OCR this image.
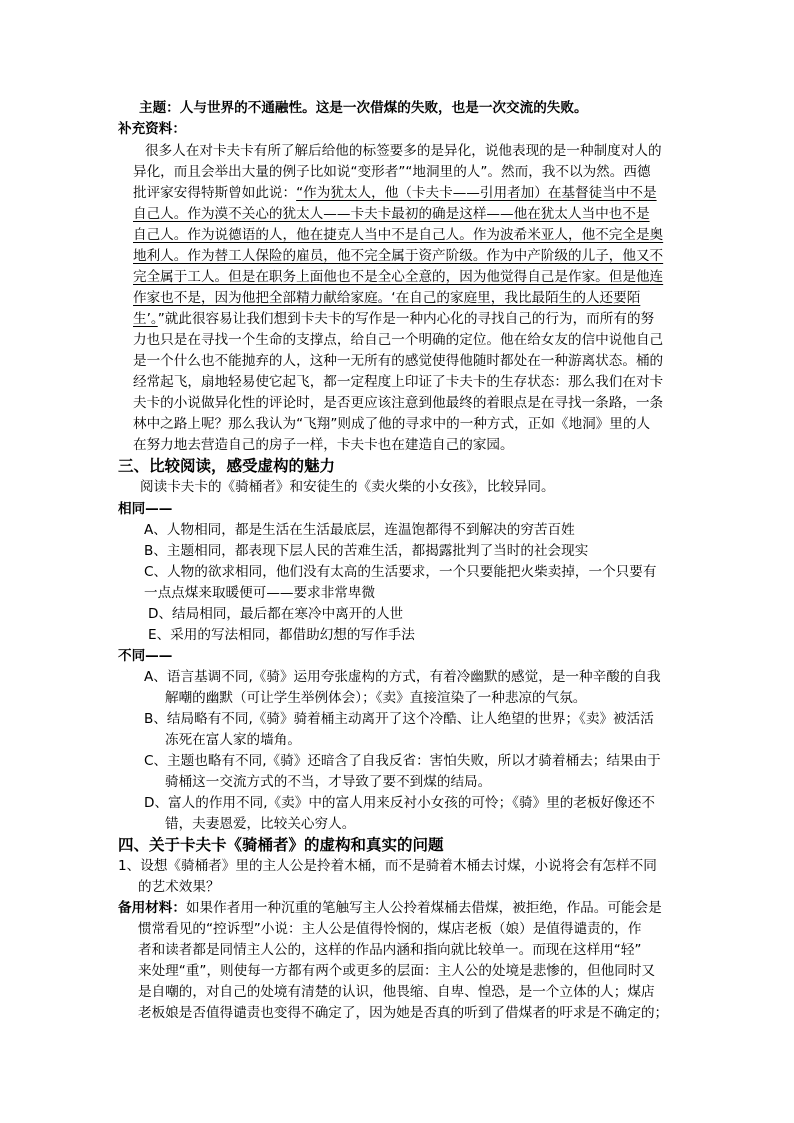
主题：人与世界的不通融性。这是一次借煤的失败，也是一次交流的失败。
补充资料：
很多人在对卡夫卡有所了解后给他的标签要多的是异化，说他表现的是一种制度对人的
异化，而且会举出大量的例子比如说“变形者”“地洞里的人”。然而，我不以为然。西德
批评家安得特斯曾如此说：“作为犹太人，他（卡夫卡——引用者加）在基督徒当中不是
自己人。作为漠不关心的犹太人——卡夫卡最初的确是这样——他在犹太人当中也不是
自己人。作为说德语的人，他在捷克人当中不是自己人。作为波希米亚人，他不完全是奥
地利人。作为替工人保险的雇员，他不完全属于资产阶级。作为中产阶级的儿子，他又不
完全属于工人。但是在职务上面他也不是全心全意的，因为他觉得自己是作家。但是他连
作家也不是，因为他把全部精力献给家庭。‘在自己的家庭里，我比最陌生的人还要陌
生’。”就此很容易让我们想到卡夫卡的写作是一种内心化的寻找自己的行为，而所有的努
力也只是在寻找一个生命的支撑点，给自己一个明确的定位。他在给女友的信中说他自己
是一个什么也不能抛弃的人，这种一无所有的感觉使得他随时都处在一种游离状态。桶的
经常起飞，扇地轻易使它起飞，都一定程度上印证了卡夫卡的生存状态：那么我们在对卡
夫卡的小说做异化性的评论时，是否更应该注意到他最终的着眼点是在寻找一条路，一条
林中之路上呢？那么我认为“飞翔”则成了他的寻求中的一种方式，正如《地洞》里的人
在努力地去营造自己的房子一样，卡夫卡也在建造自己的家园。
三、比较阅读，感受虚构的魅力
阅读卡夫卡的《骑桶者》和安徒生的《卖火柴的小女孩》，比较异同。
相同——
A、人物相同，都是生活在生活最底层，连温饱都得不到解决的穷苦百姓
B、主题相同，都表现下层人民的苦难生活，都揭露批判了当时的社会现实
C、人物的欲求相同，他们没有太高的生活要求，一个只要能把火柴卖掉，一个只要有
一点点煤来取暖便可——要求非常卑微
D、结局相同，最后都在寒冷中离开的人世
E、采用的写法相同，都借助幻想的写作手法
不同——
A、语言基调不同,《骑》运用夸张虚构的方式，有着冷幽默的感觉，是一种辛酸的自我
解嘲的幽默（可让学生举例体会）；《卖》直接渲染了一种悲凉的气氛。
B、结局略有不同,《骑》骑着桶主动离开了这个冷酷、让人绝望的世界；《卖》被活活
冻死在富人家的墙角。
C、主题也略有不同,《骑》还暗含了自我反省：害怕失败，所以才骑着桶去；结果由于
骑桶这一交流方式的不当，才导致了要不到煤的结局。
D、富人的作用不同,《卖》中的富人用来反衬小女孩的可怜；《骑》里的老板好像还不
错，夫妻恩爱，比较关心穷人。
四、关于卡夫卡《骑桶者》的虚构和真实的问题
1、设想《骑桶者》里的主人公是拎着木桶，而不是骑着木桶去讨煤，小说将会有怎样不同
的艺术效果？
备用材料：如果作者用一种沉重的笔触写主人公拎着煤桶去借煤，被拒绝，作品。可能会是
惯常看见的“控诉型”小说：主人公是值得怜悯的，煤店老板（娘）是值得谴责的，作
者和读者都是同情主人公的，这样的作品内涵和指向就比较单一。而现在这样用“轻”
来处理“重”，则使每一方都有两个或更多的层面：主人公的处境是悲惨的，但他同时又
是自嘲的，对自己的处境有清楚的认识，他畏缩、自卑、惶恐，是一个立体的人；煤店
老板娘是否值得谴责也变得不确定了，因为她是否真的听到了借煤者的吁求是不确定的；
